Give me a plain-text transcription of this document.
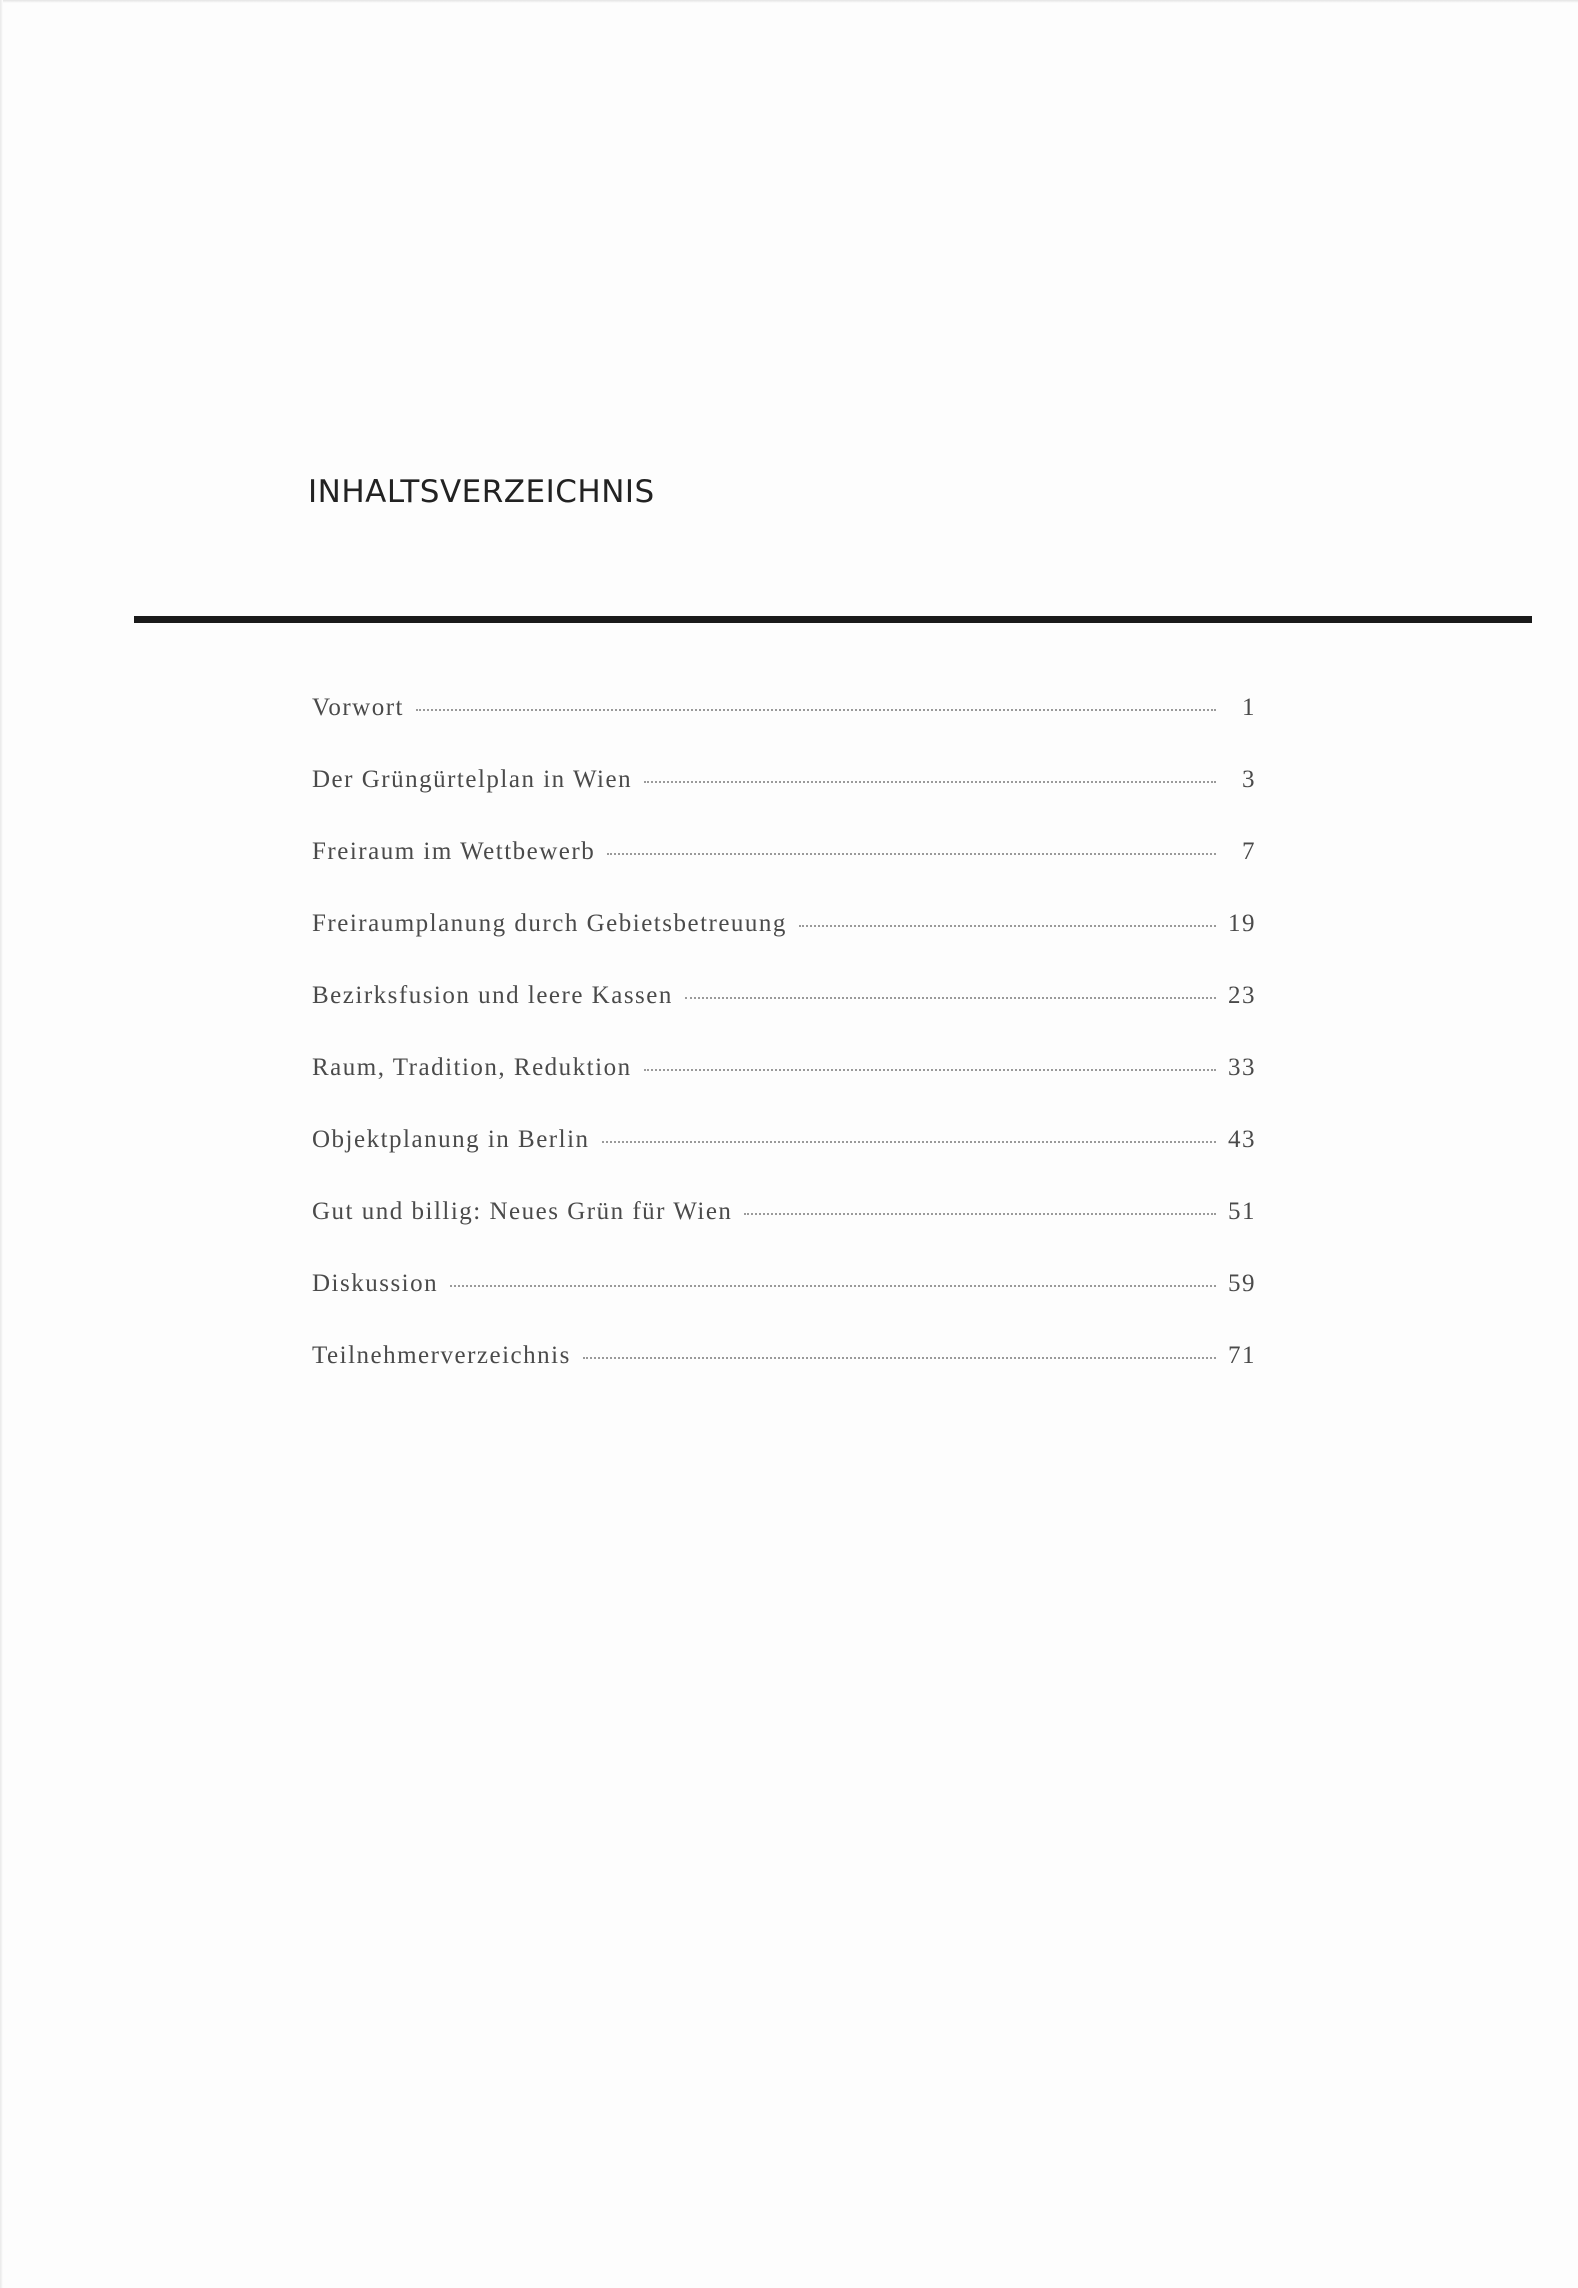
INHALTSVERZEICHNIS
Vorwort	1
Der Grüngürtelplan in Wien	3
Freiraum im Wettbewerb	7
Freiraumplanung durch Gebietsbetreuung	19
Bezirksfusion und leere Kassen	23
Raum, Tradition, Reduktion	33
Objektplanung in Berlin	43
Gut und billig: Neues Grün für Wien	51
Diskussion	59
Teilnehmerverzeichnis	71
